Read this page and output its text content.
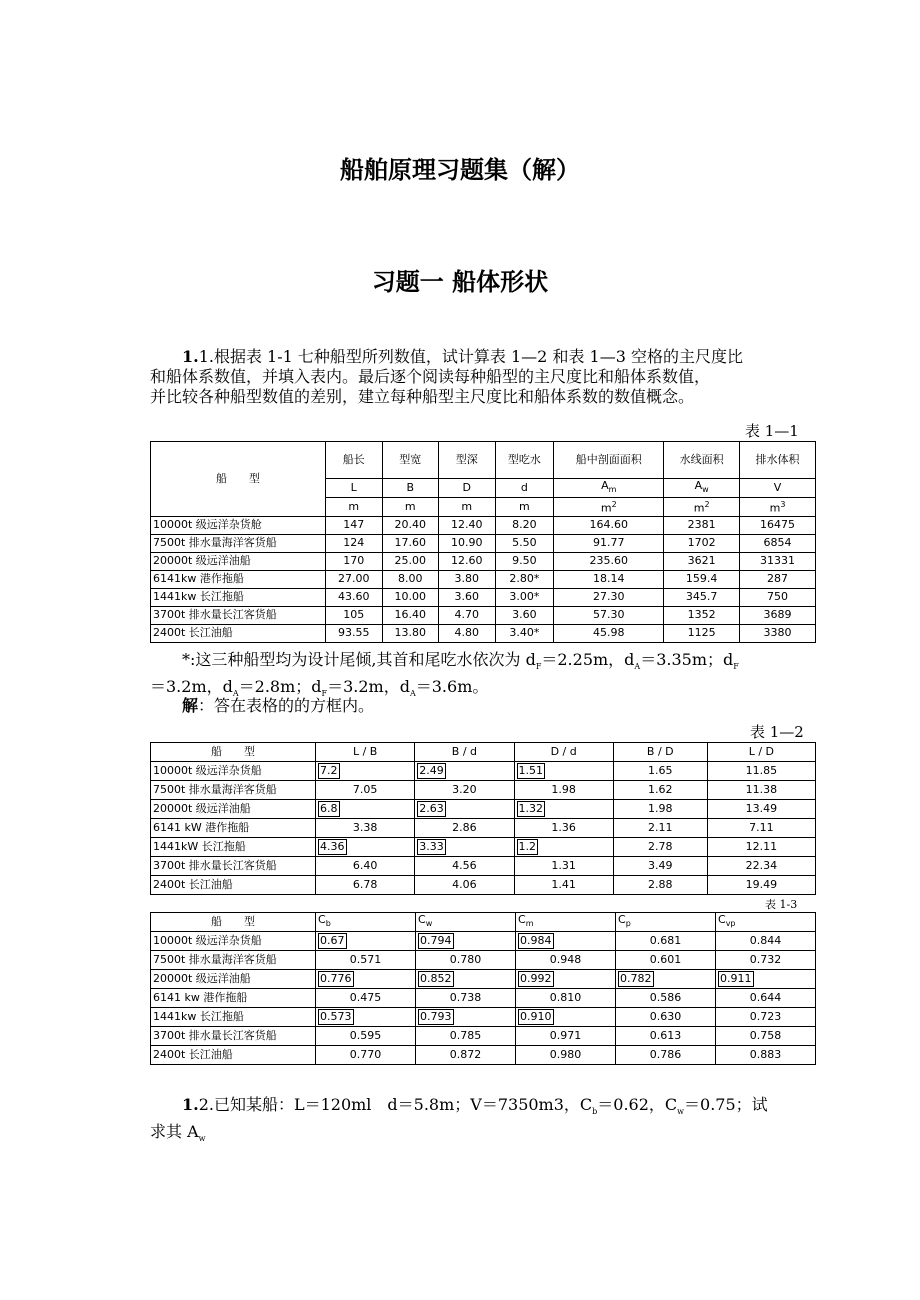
船舶原理习题集（解）
习题一 船体形状
1.1.根据表 1-1 七种船型所列数值，试计算表 1—2 和表 1—3 空格的主尺度比
和船体系数值，并填入表内。最后逐个阅读每种船型的主尺度比和船体系数值，
并比较各种船型数值的差别，建立每种船型主尺度比和船体系数的数值概念。
表 1—1
船　　型	船长	型宽	型深	型吃水	船中剖面面积	水线面积	排水体积
	L	B	D	d	$A_m$	$A_w$	V
	m	m	m	m	$m^2$	$m^2$	$m^3$
10000t 级远洋杂货舱	147	20.40	12.40	8.20	164.60	2381	16475
7500t 排水量海洋客货船	124	17.60	10.90	5.50	91.77	1702	6854
20000t 级远洋油船	170	25.00	12.60	9.50	235.60	3621	31331
6141kw 港作拖船	27.00	8.00	3.80	2.80*	18.14	159.4	287
1441kw 长江拖船	43.60	10.00	3.60	3.00*	27.30	345.7	750
3700t 排水量长江客货船	105	16.40	4.70	3.60	57.30	1352	3689
2400t 长江油船	93.55	13.80	4.80	3.40*	45.98	1125	3380
*:这三种船型均为设计尾倾,其首和尾吃水依次为 $d_F=2.25m$，$d_A=3.35m$；$d_F$
＝3.2m，$d_A=2.8m$；$d_F=3.2m$，$d_A=3.6m$。
解：答在表格的的方框内。
表 1—2
船　　型	L / B	B / d	D / d	B / D	L / D
10000t 级远洋杂货船	7.2	2.49	1.51	1.65	11.85
7500t 排水量海洋客货船	7.05	3.20	1.98	1.62	11.38
20000t 级远洋油船	6.8	2.63	1.32	1.98	13.49
6141 kW 港作拖船	3.38	2.86	1.36	2.11	7.11
1441kW 长江拖船	4.36	3.33	1.2	2.78	12.11
3700t 排水量长江客货船	6.40	4.56	1.31	3.49	22.34
2400t 长江油船	6.78	4.06	1.41	2.88	19.49
表 1-3
船　　型	$C_b$	$C_w$	$C_m$	$C_p$	$C_{vp}$
10000t 级远洋杂货船	0.67	0.794	0.984	0.681	0.844
7500t 排水量海洋客货船	0.571	0.780	0.948	0.601	0.732
20000t 级远洋油船	0.776	0.852	0.992	0.782	0.911
6141 kw 港作拖船	0.475	0.738	0.810	0.586	0.644
1441kw 长江拖船	0.573	0.793	0.910	0.630	0.723
3700t 排水量长江客货船	0.595	0.785	0.971	0.613	0.758
2400t 长江油船	0.770	0.872	0.980	0.786	0.883
1.2.已知某船：L＝120ml　d＝5.8m；V＝7350m3，$C_b=0.62$，$C_w=0.75$；试
求其 $A_w$
